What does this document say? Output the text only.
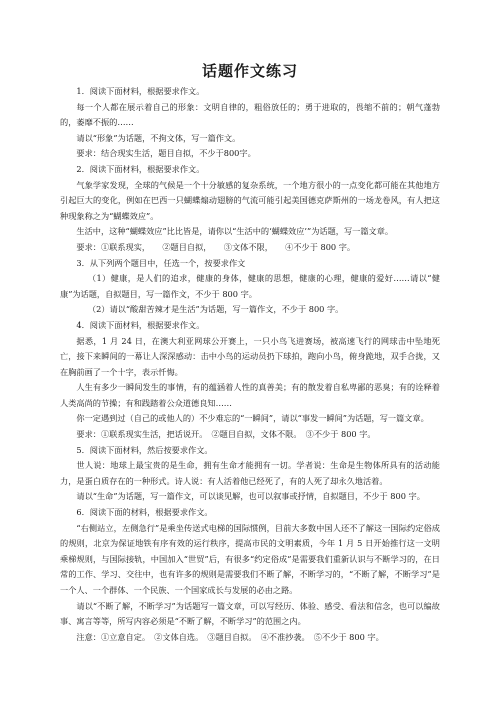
话题作文练习

1．阅读下面材料，根据要求作文。

每一个人都在展示着自己的形象：文明自律的，粗俗放任的；勇于进取的，畏缩不前的；朝气蓬勃的，萎靡不振的……

请以“形象”为话题，不拘文体，写一篇作文。

要求：结合现实生活，题目自拟，不少于800字。

2．阅读下面材料，根据要求作文。

气象学家发现，全球的气候是一个十分敏感的复杂系统，一个地方很小的一点变化都可能在其他地方引起巨大的变化，例如在巴西一只蝴蝶煽动翅膀的气流可能引起美国德克萨斯州的一场龙卷风，有人把这种现象称之为“蝴蝶效应”。

生活中，这种“蝴蝶效应”比比皆是，请你以“生活中的‘蝴蝶效应’”为话题，写一篇文章。

要求：①联系现实，　　②题目自拟，　　③文体不限，　　④不少于 800 字。

3．从下列两个题目中，任选一个，按要求作文

（1）健康，是人们的追求，健康的身体，健康的思想，健康的心理，健康的爱好……请以“健康”为话题，自拟题目，写一篇作文，不少于 800 字。

（2）请以“酸甜苦辣才是生活”为话题，写一篇作文，不少于 800 字。

4．阅读下面材料，根据要求作文。

据悉，1 月 24 日，在澳大利亚网球公开赛上，一只小鸟飞进赛场，被高速飞行的网球击中坠地死亡，接下来瞬间的一幕让人深深感动：击中小鸟的运动员扔下球拍，跑向小鸟，俯身跪地，双手合拢，又在胸前画了一个十字，表示忏悔。

人生有多少一瞬间发生的事情，有的蕴涵着人性的真善美；有的散发着自私卑鄙的恶臭；有的诠释着人类高尚的节操；有和践踏着公众道德良知……

你一定遇到过（自己的或他人的）不少难忘的“一瞬间”，请以“事发一瞬间”为话题，写一篇文章。

要求：①联系现实生活，把话说开。　②题目自拟，文体不限。　③不少于 800 字。

5．阅读下面材料，然后按要求作文。

世人说：地球上最宝贵的是生命，拥有生命才能拥有一切。学者说：生命是生物体所具有的活动能力，是蛋白质存在的一种形式。诗人说：有人活着他已经死了，有的人死了却永久地活着。

请以“生命”为话题，写一篇作文，可以谈见解，也可以叙事或抒情，自拟题目，不少于 800 字。

6．阅读下面的材料，根据要求作文。

“右侧站立，左侧急行”是乘坐传送式电梯的国际惯例，目前大多数中国人还不了解这一国际约定俗成的规则，北京为保证地铁有序有效的运行秩序，提高市民的文明素质，今年 1 月 5 日开始推行这一文明乘梯规则，与国际接轨，中国加入“世贸”后，有很多“约定俗成”是需要我们重新认识与不断学习的，在日常的工作、学习、交往中，也有许多的规则是需要我们不断了解，不断学习的，“不断了解，不断学习”是一个人、一个群体、一个民族、一个国家成长与发展的必由之路。

请以“不断了解，不断学习”为话题写一篇文章，可以写经历、体验、感受、看法和信念，也可以编故事、寓言等等，所写内容必须是“不断了解，不断学习”的范围之内。

注意：①立意自定。　②文体自选。　③题目自拟。　④不准抄袭。　⑤不少于 800 字。
